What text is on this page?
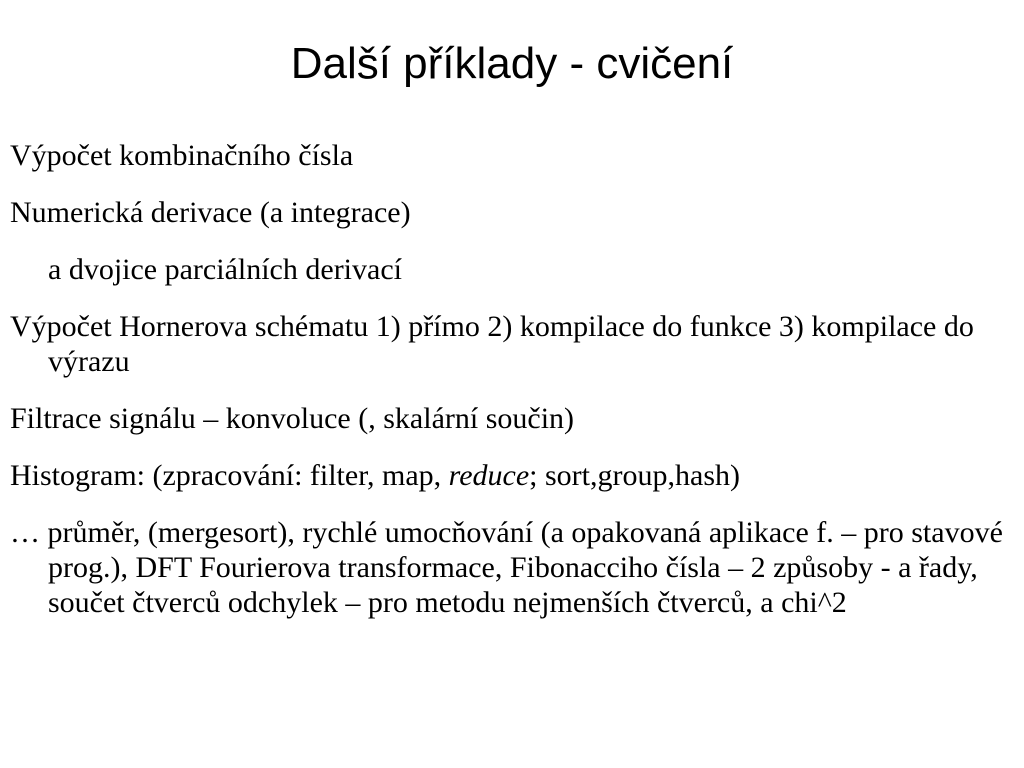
Další příklady - cvičení

Výpočet kombinačního čísla

Numerická derivace (a integrace)

a dvojice parciálních derivací

Výpočet Hornerova schématu 1) přímo 2) kompilace do funkce 3) kompilace do výrazu

Filtrace signálu – konvoluce (, skalární součin)

Histogram: (zpracování: filter, map, reduce; sort,group,hash)

… průměr, (mergesort), rychlé umocňování (a opakovaná aplikace f. – pro stavové prog.), DFT Fourierova transformace, Fibonacciho čísla – 2 způsoby - a řady, součet čtverců odchylek – pro metodu nejmenších čtverců, a chi^2
